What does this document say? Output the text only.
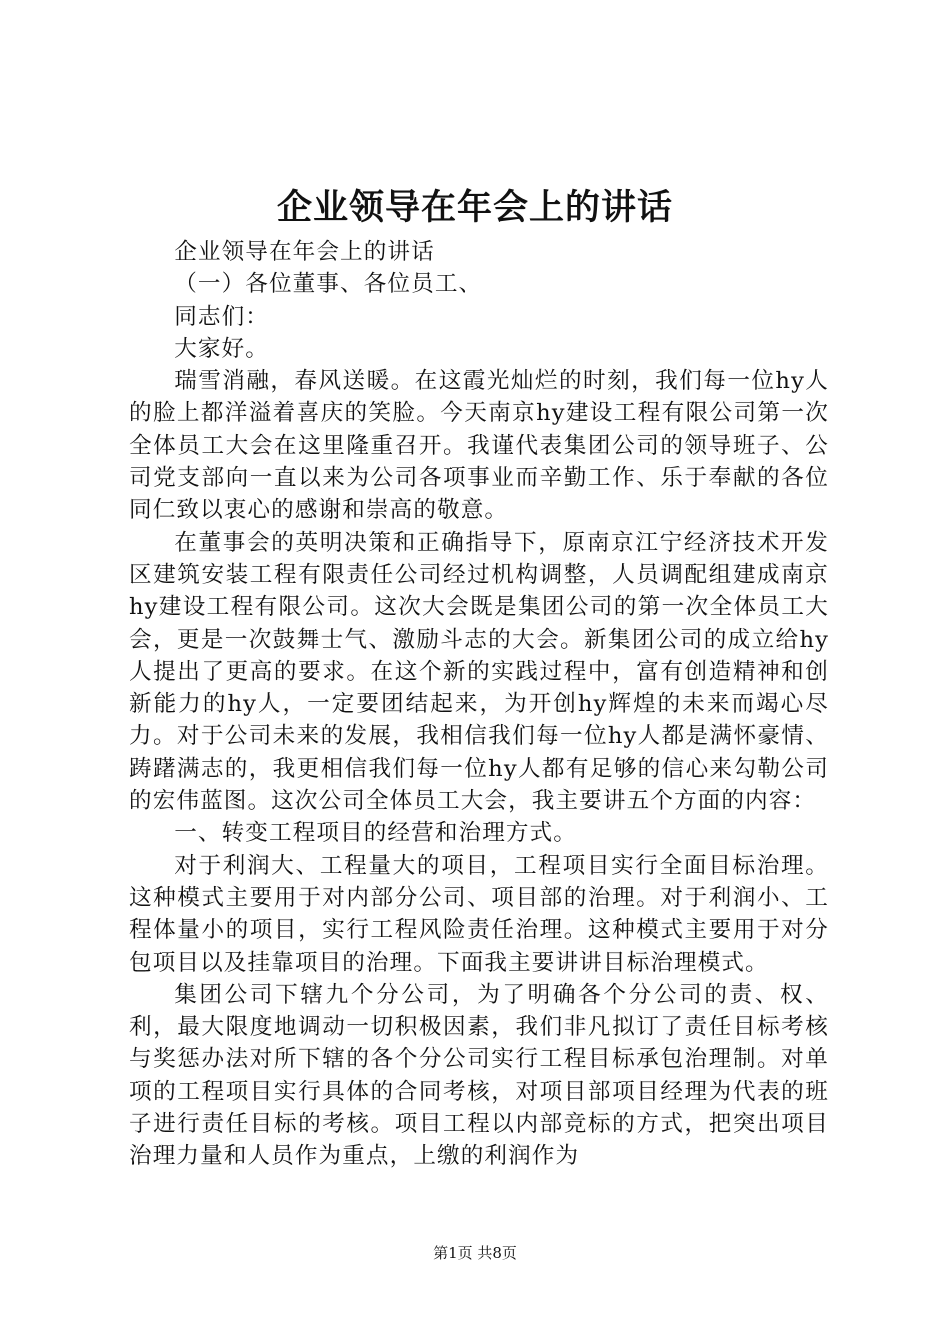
企业领导在年会上的讲话

企业领导在年会上的讲话

（一）各位董事、各位员工、

同志们：

大家好。

瑞雪消融，春风送暖。在这霞光灿烂的时刻，我们每一位hy人的脸上都洋溢着喜庆的笑脸。今天南京hy建设工程有限公司第一次全体员工大会在这里隆重召开。我谨代表集团公司的领导班子、公司党支部向一直以来为公司各项事业而辛勤工作、乐于奉献的各位同仁致以衷心的感谢和崇高的敬意。

在董事会的英明决策和正确指导下，原南京江宁经济技术开发区建筑安装工程有限责任公司经过机构调整，人员调配组建成南京hy建设工程有限公司。这次大会既是集团公司的第一次全体员工大会，更是一次鼓舞士气、激励斗志的大会。新集团公司的成立给hy人提出了更高的要求。在这个新的实践过程中，富有创造精神和创新能力的hy人，一定要团结起来，为开创hy辉煌的未来而竭心尽力。对于公司未来的发展，我相信我们每一位hy人都是满怀豪情、踌躇满志的，我更相信我们每一位hy人都有足够的信心来勾勒公司的宏伟蓝图。这次公司全体员工大会，我主要讲五个方面的内容：

一、转变工程项目的经营和治理方式。

对于利润大、工程量大的项目，工程项目实行全面目标治理。这种模式主要用于对内部分公司、项目部的治理。对于利润小、工程体量小的项目，实行工程风险责任治理。这种模式主要用于对分包项目以及挂靠项目的治理。下面我主要讲讲目标治理模式。

集团公司下辖九个分公司，为了明确各个分公司的责、权、利，最大限度地调动一切积极因素，我们非凡拟订了责任目标考核与奖惩办法对所下辖的各个分公司实行工程目标承包治理制。对单项的工程项目实行具体的合同考核，对项目部项目经理为代表的班子进行责任目标的考核。项目工程以内部竞标的方式，把突出项目治理力量和人员作为重点，上缴的利润作为

第1页 共8页
